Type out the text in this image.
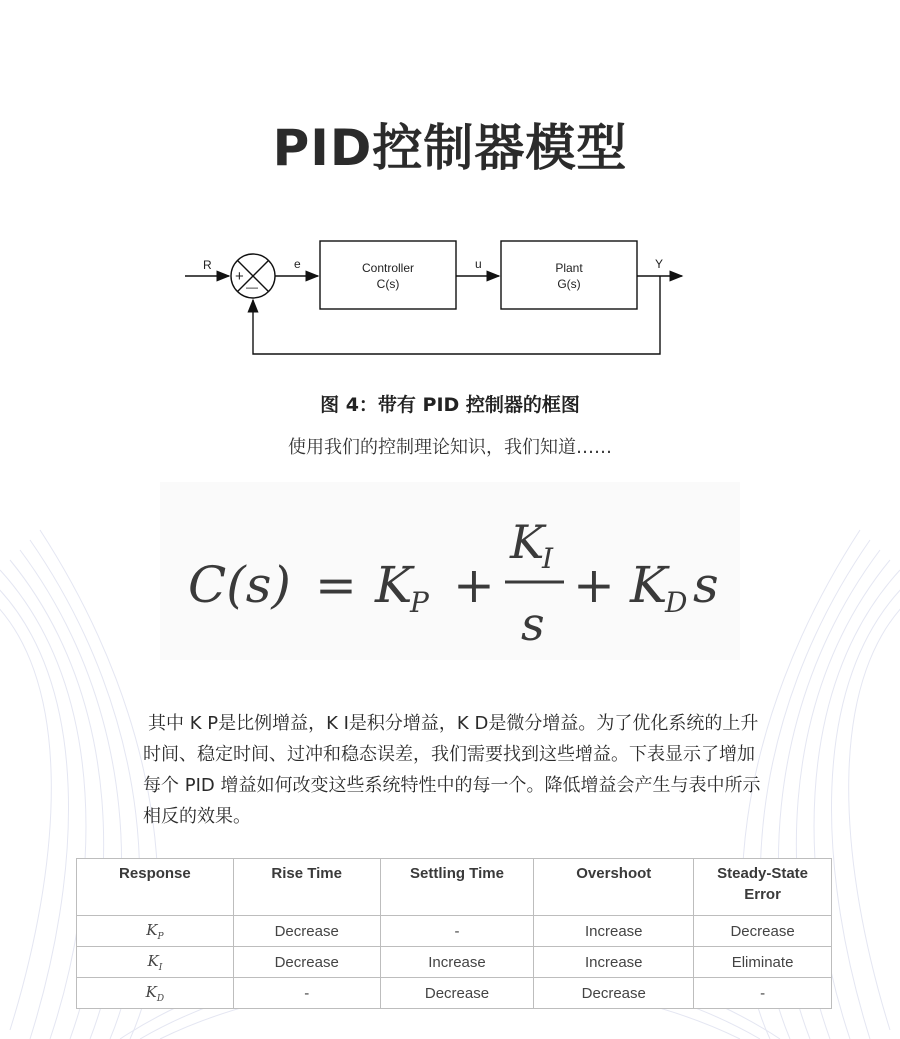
PID控制器模型
R	e	u	Y
+
—
Controller
C(s)
Plant
G(s)
图 4：带有 PID 控制器的框图
使用我们的控制理论知识，我们知道……
C(s) = K
P +
K
I
s
+ K
D s
其中 K P是比例增益，K I是积分增益，K D是微分增益。为了优化系统的上升
时间、稳定时间、过冲和稳态误差，我们需要找到这些增益。下表显示了增加
每个 PID 增益如何改变这些系统特性中的每一个。降低增益会产生与表中所示
相反的效果。
Response	Rise Time	Settling Time	Overshoot	Steady-State
Error
$K_P$	Decrease	-	Increase	Decrease
$K_I$	Decrease	Increase	Increase	Eliminate
$K_D$	-	Decrease	Decrease	-
